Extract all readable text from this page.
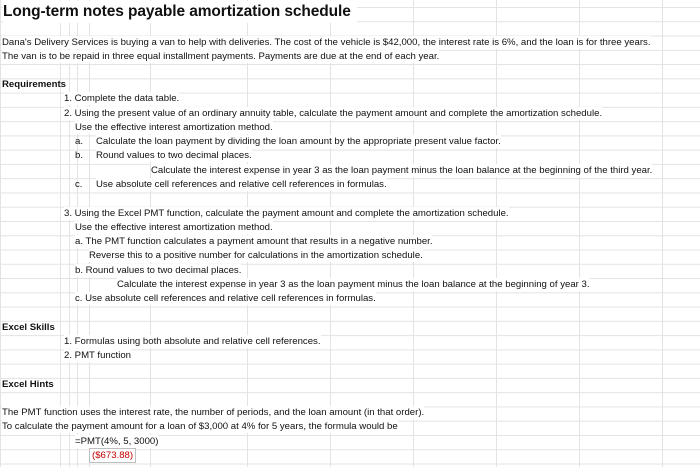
Long-term notes payable amortization schedule
Dana's Delivery Services is buying a van to help with deliveries. The cost of the vehicle is $42,000, the interest rate is 6%, and the loan is for three years.
The van is to be repaid in three equal installment payments. Payments are due at the end of each year.
Requirements
1. Complete the data table.
2. Using the present value of an ordinary annuity table, calculate the payment amount and complete the amortization schedule.
Use the effective interest amortization method.
a. Calculate the loan payment by dividing the loan amount by the appropriate present value factor.
b. Round values to two decimal places.
Calculate the interest expense in year 3 as the loan payment minus the loan balance at the beginning of the third year.
c. Use absolute cell references and relative cell references in formulas.
3. Using the Excel PMT function, calculate the payment amount and complete the amortization schedule.
Use the effective interest amortization method.
a. The PMT function calculates a payment amount that results in a negative number.
Reverse this to a positive number for calculations in the amortization schedule.
b. Round values to two decimal places.
Calculate the interest expense in year 3 as the loan payment minus the loan balance at the beginning of year 3.
c. Use absolute cell references and relative cell references in formulas.
Excel Skills
1. Formulas using both absolute and relative cell references.
2. PMT function
Excel Hints
The PMT function uses the interest rate, the number of periods, and the loan amount (in that order).
To calculate the payment amount for a loan of $3,000 at 4% for 5 years, the formula would be
=PMT(4%, 5, 3000)
($673.88)
